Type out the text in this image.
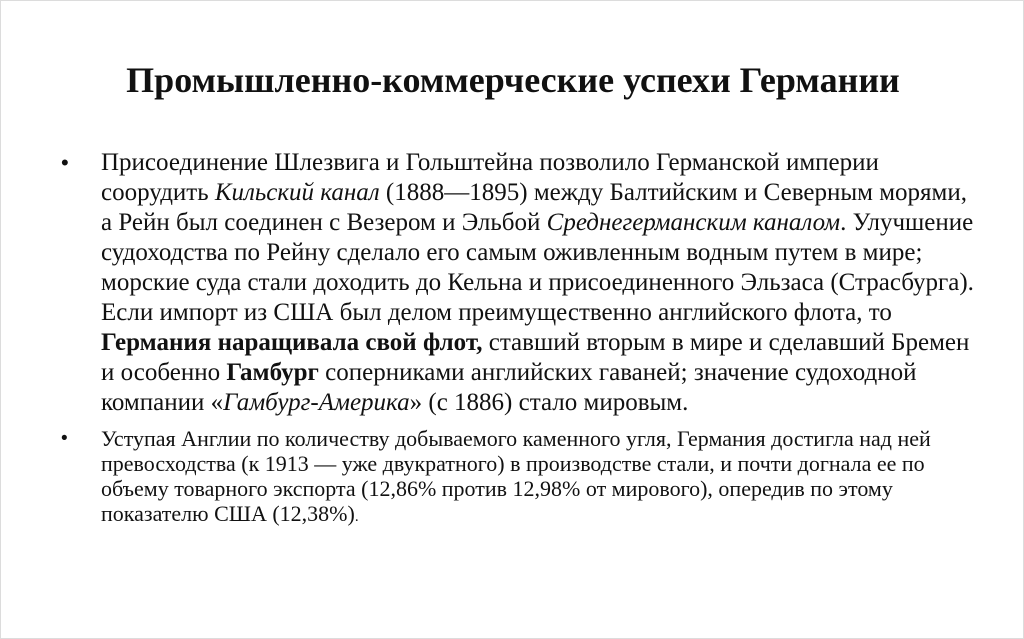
Промышленно-коммерческие успехи Германии
• Присоединение Шлезвига и Гольштейна позволило Германской империи соорудить Кильский канал (1888—1895) между Балтийским и Северным морями, а Рейн был соединен с Везером и Эльбой Среднегерманским каналом. Улучшение судоходства по Рейну сделало его самым оживленным водным путем в мире; морские суда стали доходить до Кельна и присоединенного Эльзаса (Страсбурга). Если импорт из США был делом преимущественно английского флота, то Германия наращивала свой флот, ставший вторым в мире и сделавший Бремен и особенно Гамбург соперниками английских гаваней; значение судоходной компании «Гамбург-Америка» (с 1886) стало мировым.
• Уступая Англии по количеству добываемого каменного угля, Германия достигла над ней превосходства (к 1913 — уже двукратного) в производстве стали, и почти догнала ее по объему товарного экспорта (12,86% против 12,98% от мирового), опередив по этому показателю США (12,38%).
